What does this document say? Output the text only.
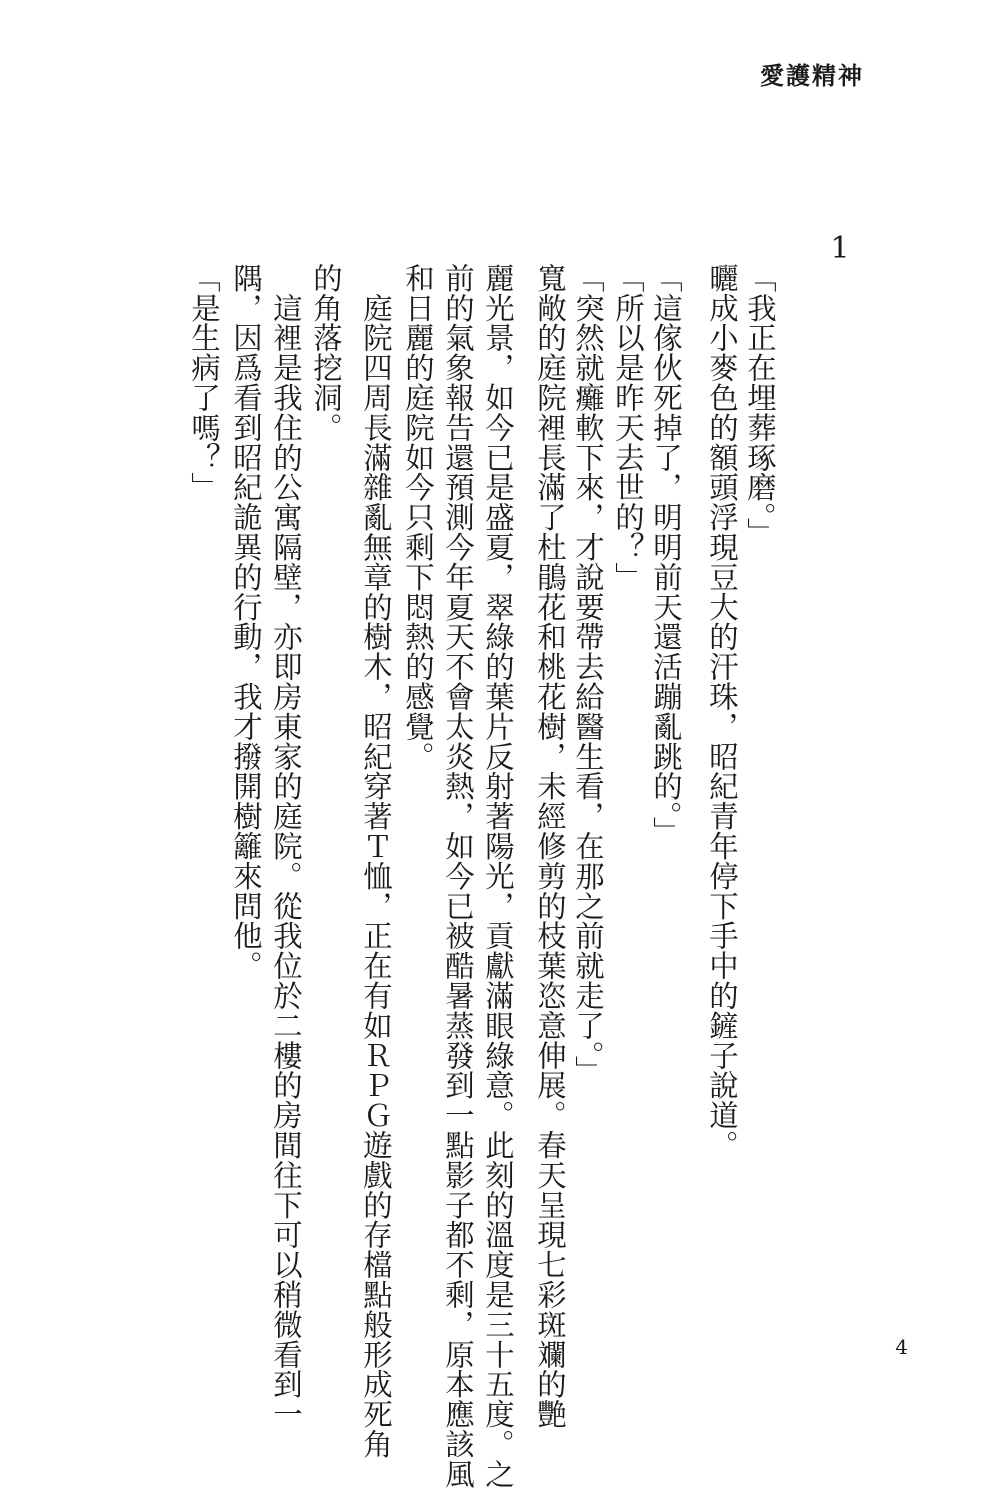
愛護精神
1
「我正在埋葬琢磨。」
曬成小麥色的額頭浮現豆大的汗珠，昭紀青年停下手中的鏟子說道。
「這傢伙死掉了，明明前天還活蹦亂跳的。」
「所以是昨天去世的？」
「突然就癱軟下來，才說要帶去給醫生看，在那之前就走了。」
寬敞的庭院裡長滿了杜鵑花和桃花樹，未經修剪的枝葉恣意伸展。春天呈現七彩斑斕的艷
麗光景，如今已是盛夏，翠綠的葉片反射著陽光，貢獻滿眼綠意。此刻的溫度是三十五度。之
前的氣象報告還預測今年夏天不會太炎熱，如今已被酷暑蒸發到一點影子都不剩，原本應該風
和日麗的庭院如今只剩下悶熱的感覺。
　庭院四周長滿雜亂無章的樹木，昭紀穿著Ｔ恤，正在有如ＲＰＧ遊戲的存檔點般形成死角
的角落挖洞。
　這裡是我住的公寓隔壁，亦即房東家的庭院。從我位於二樓的房間往下可以稍微看到一
隅，因爲看到昭紀詭異的行動，我才撥開樹籬來問他。
「是生病了嗎？」
4
